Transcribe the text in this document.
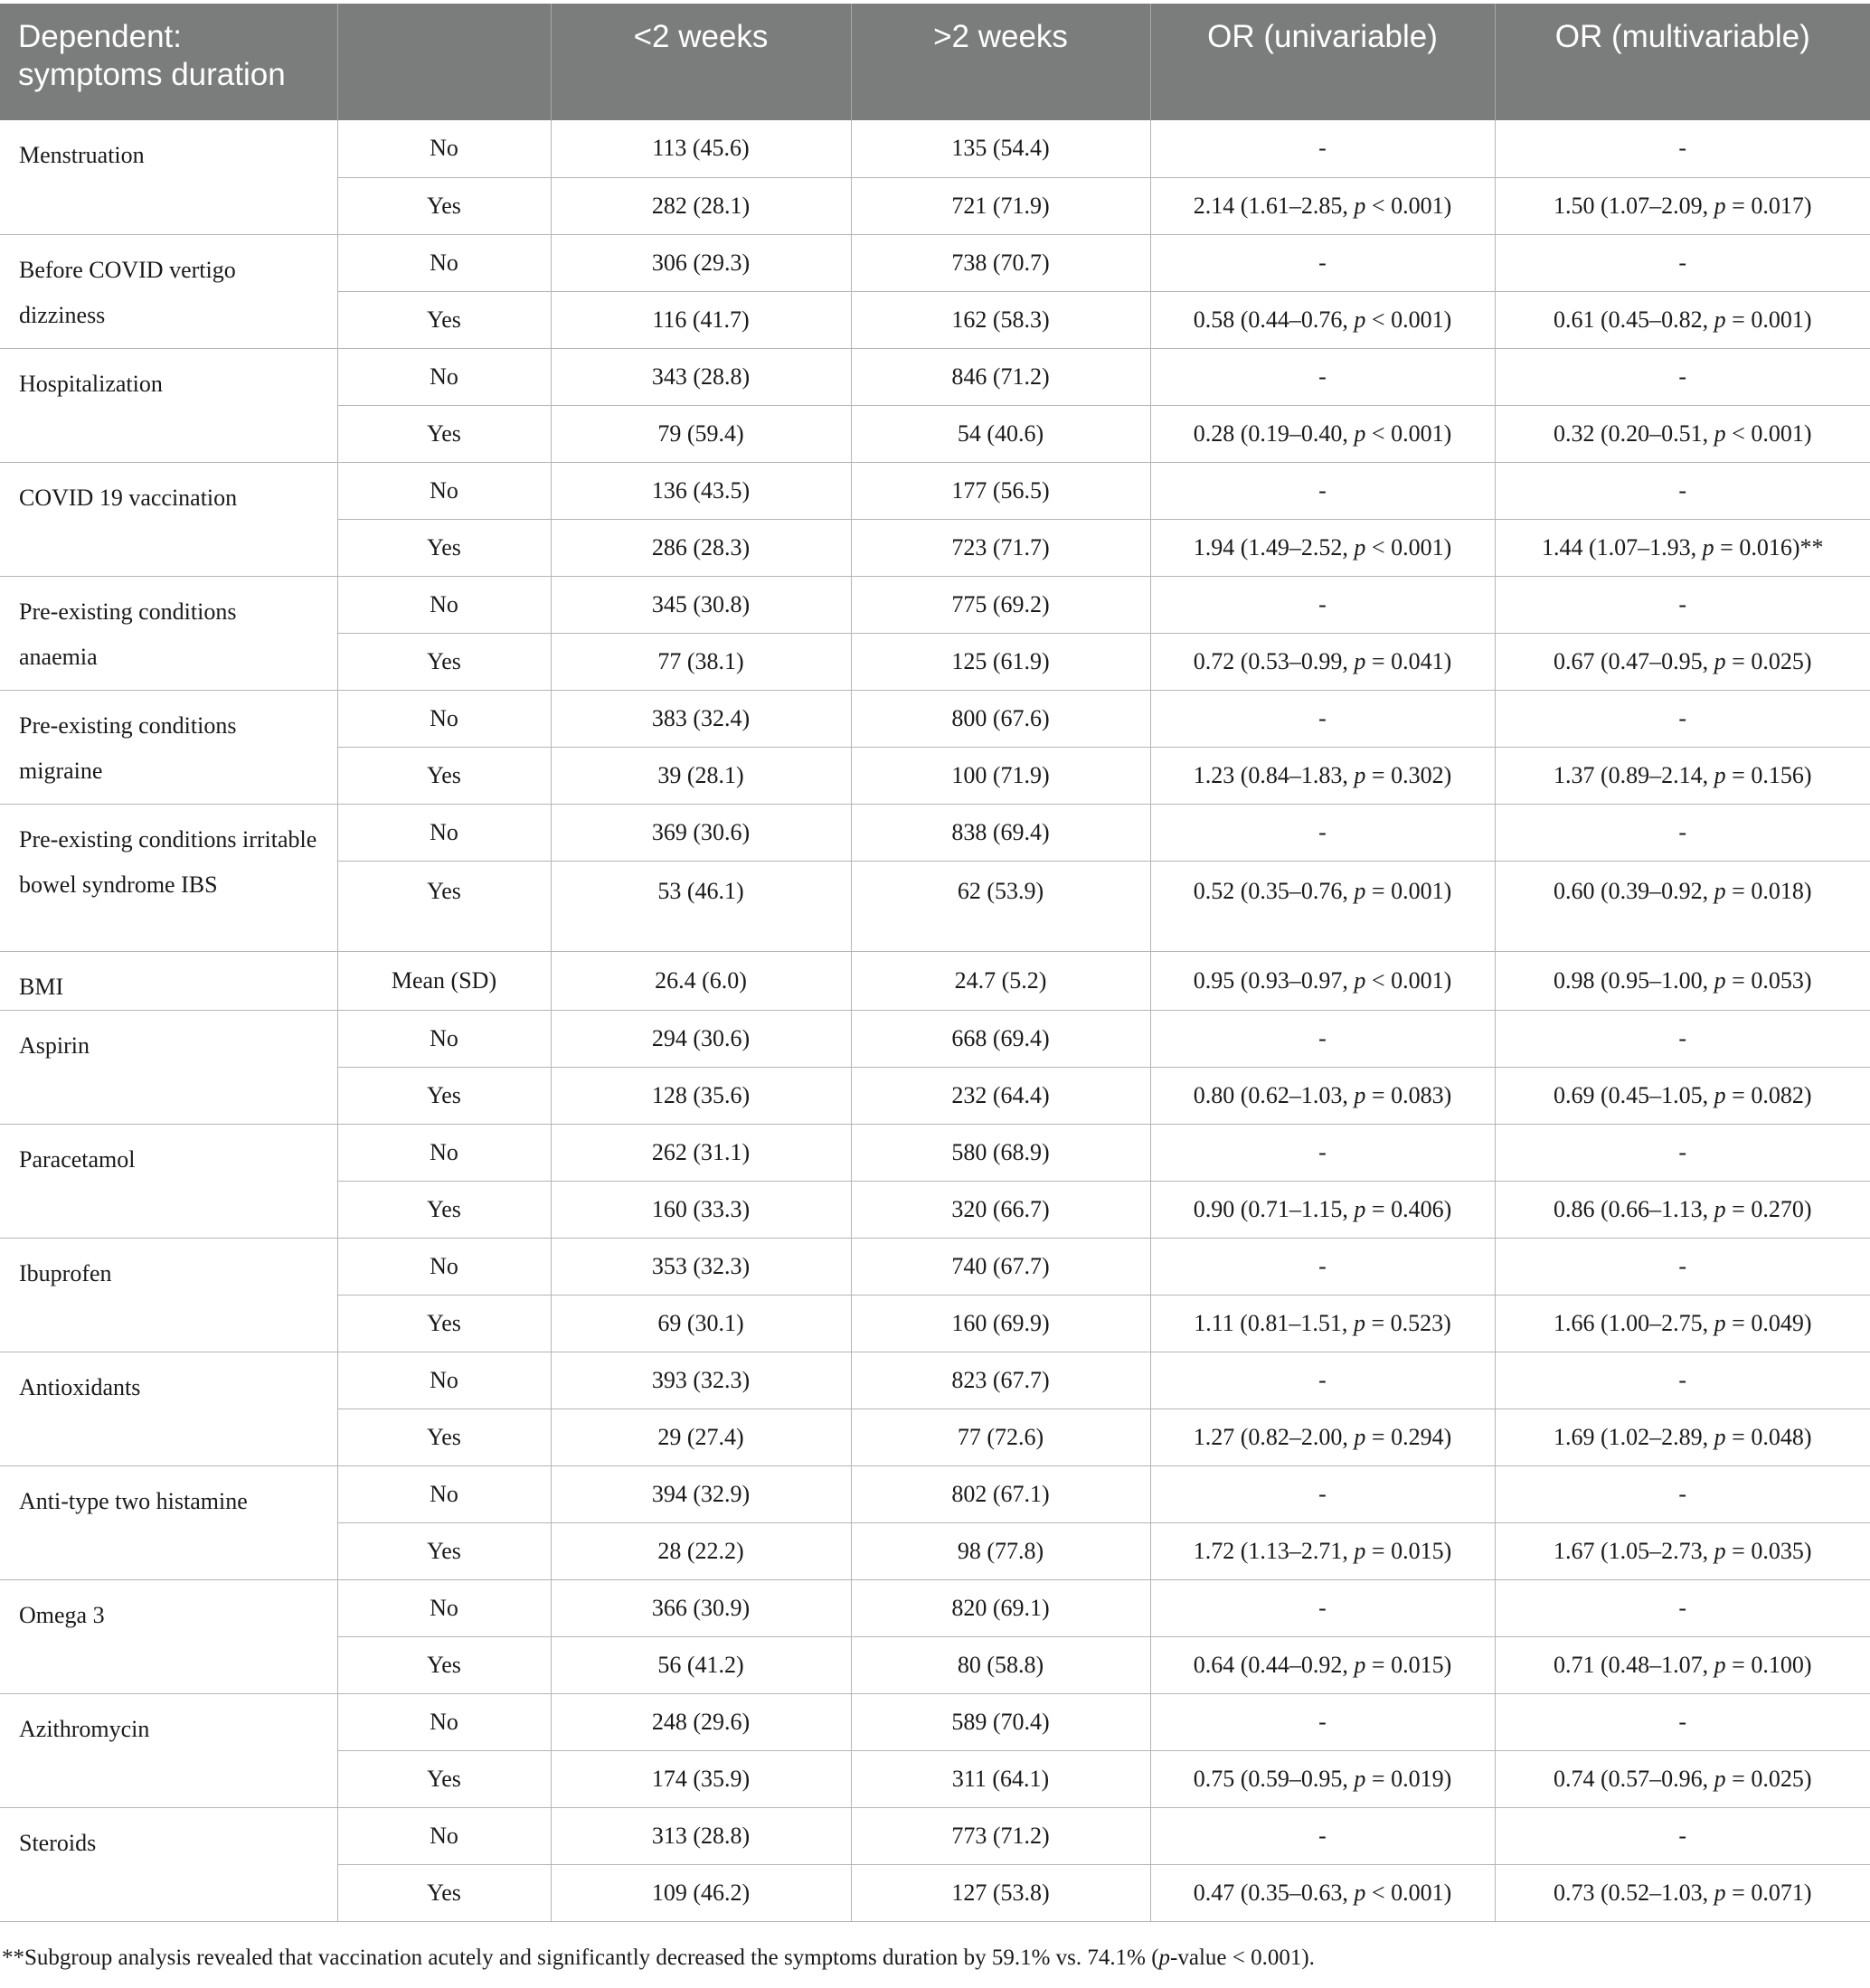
Dependent: symptoms duration		<2 weeks	>2 weeks	OR (univariable)	OR (multivariable)
Menstruation	No	113 (45.6)	135 (54.4)	-	-
	Yes	282 (28.1)	721 (71.9)	2.14 (1.61–2.85, p < 0.001)	1.50 (1.07–2.09, p = 0.017)
Before COVID vertigo dizziness	No	306 (29.3)	738 (70.7)	-	-
	Yes	116 (41.7)	162 (58.3)	0.58 (0.44–0.76, p < 0.001)	0.61 (0.45–0.82, p = 0.001)
Hospitalization	No	343 (28.8)	846 (71.2)	-	-
	Yes	79 (59.4)	54 (40.6)	0.28 (0.19–0.40, p < 0.001)	0.32 (0.20–0.51, p < 0.001)
COVID 19 vaccination	No	136 (43.5)	177 (56.5)	-	-
	Yes	286 (28.3)	723 (71.7)	1.94 (1.49–2.52, p < 0.001)	1.44 (1.07–1.93, p = 0.016)**
Pre-existing conditions anaemia	No	345 (30.8)	775 (69.2)	-	-
	Yes	77 (38.1)	125 (61.9)	0.72 (0.53–0.99, p = 0.041)	0.67 (0.47–0.95, p = 0.025)
Pre-existing conditions migraine	No	383 (32.4)	800 (67.6)	-	-
	Yes	39 (28.1)	100 (71.9)	1.23 (0.84–1.83, p = 0.302)	1.37 (0.89–2.14, p = 0.156)
Pre-existing conditions irritable bowel syndrome IBS	No	369 (30.6)	838 (69.4)	-	-
	Yes	53 (46.1)	62 (53.9)	0.52 (0.35–0.76, p = 0.001)	0.60 (0.39–0.92, p = 0.018)
BMI	Mean (SD)	26.4 (6.0)	24.7 (5.2)	0.95 (0.93–0.97, p < 0.001)	0.98 (0.95–1.00, p = 0.053)
Aspirin	No	294 (30.6)	668 (69.4)	-	-
	Yes	128 (35.6)	232 (64.4)	0.80 (0.62–1.03, p = 0.083)	0.69 (0.45–1.05, p = 0.082)
Paracetamol	No	262 (31.1)	580 (68.9)	-	-
	Yes	160 (33.3)	320 (66.7)	0.90 (0.71–1.15, p = 0.406)	0.86 (0.66–1.13, p = 0.270)
Ibuprofen	No	353 (32.3)	740 (67.7)	-	-
	Yes	69 (30.1)	160 (69.9)	1.11 (0.81–1.51, p = 0.523)	1.66 (1.00–2.75, p = 0.049)
Antioxidants	No	393 (32.3)	823 (67.7)	-	-
	Yes	29 (27.4)	77 (72.6)	1.27 (0.82–2.00, p = 0.294)	1.69 (1.02–2.89, p = 0.048)
Anti-type two histamine	No	394 (32.9)	802 (67.1)	-	-
	Yes	28 (22.2)	98 (77.8)	1.72 (1.13–2.71, p = 0.015)	1.67 (1.05–2.73, p = 0.035)
Omega 3	No	366 (30.9)	820 (69.1)	-	-
	Yes	56 (41.2)	80 (58.8)	0.64 (0.44–0.92, p = 0.015)	0.71 (0.48–1.07, p = 0.100)
Azithromycin	No	248 (29.6)	589 (70.4)	-	-
	Yes	174 (35.9)	311 (64.1)	0.75 (0.59–0.95, p = 0.019)	0.74 (0.57–0.96, p = 0.025)
Steroids	No	313 (28.8)	773 (71.2)	-	-
	Yes	109 (46.2)	127 (53.8)	0.47 (0.35–0.63, p < 0.001)	0.73 (0.52–1.03, p = 0.071)
**Subgroup analysis revealed that vaccination acutely and significantly decreased the symptoms duration by 59.1% vs. 74.1% (p-value < 0.001).
